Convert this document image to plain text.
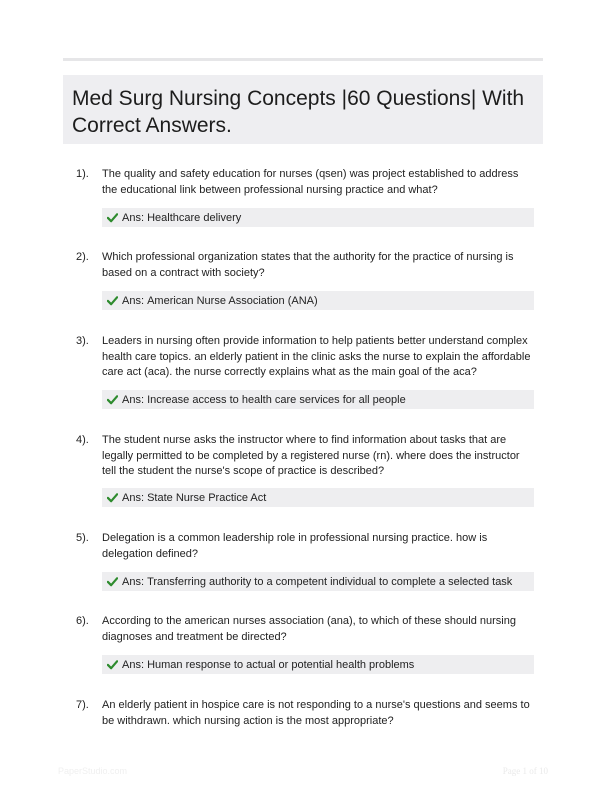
Med Surg Nursing Concepts |60 Questions| With Correct Answers.
1). The quality and safety education for nurses (qsen) was project established to address the educational link between professional nursing practice and what?
Ans: Healthcare delivery
2). Which professional organization states that the authority for the practice of nursing is based on a contract with society?
Ans: American Nurse Association (ANA)
3). Leaders in nursing often provide information to help patients better understand complex health care topics. an elderly patient in the clinic asks the nurse to explain the affordable care act (aca). the nurse correctly explains what as the main goal of the aca?
Ans: Increase access to health care services for all people
4). The student nurse asks the instructor where to find information about tasks that are legally permitted to be completed by a registered nurse (rn). where does the instructor tell the student the nurse's scope of practice is described?
Ans: State Nurse Practice Act
5). Delegation is a common leadership role in professional nursing practice. how is delegation defined?
Ans: Transferring authority to a competent individual to complete a selected task
6). According to the american nurses association (ana), to which of these should nursing diagnoses and treatment be directed?
Ans: Human response to actual or potential health problems
7). An elderly patient in hospice care is not responding to a nurse's questions and seems to be withdrawn. which nursing action is the most appropriate?
PaperStudio.com	Page 1 of 10
